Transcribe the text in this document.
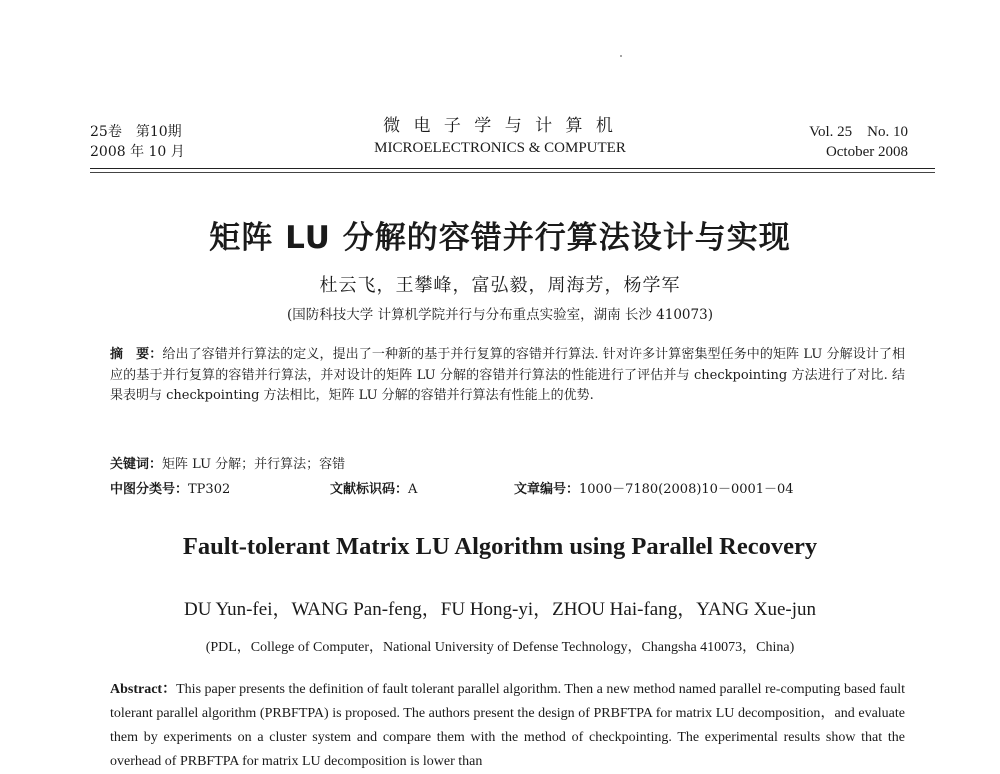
25卷　第10期
2008 年 10 月
微 电 子 学 与 计 算 机
MICROELECTRONICS & COMPUTER
Vol. 25　No. 10
October 2008
矩阵 LU 分解的容错并行算法设计与实现
杜云飞，王攀峰，富弘毅，周海芳，杨学军
(国防科技大学 计算机学院并行与分布重点实验室，湖南 长沙 410073)
摘　要：给出了容错并行算法的定义，提出了一种新的基于并行复算的容错并行算法. 针对许多计算密集型任务中的矩阵 LU 分解设计了相应的基于并行复算的容错并行算法，并对设计的矩阵 LU 分解的容错并行算法的性能进行了评估并与 checkpointing 方法进行了对比. 结果表明与 checkpointing 方法相比，矩阵 LU 分解的容错并行算法有性能上的优势.
关键词：矩阵 LU 分解；并行算法；容错
中图分类号：TP302	文献标识码：A	文章编号：1000－7180(2008)10－0001－04
Fault-tolerant Matrix LU Algorithm using Parallel Recovery
DU Yun-fei，WANG Pan-feng，FU Hong-yi，ZHOU Hai-fang，YANG Xue-jun
(PDL，College of Computer，National University of Defense Technology，Changsha 410073，China)
Abstract：This paper presents the definition of fault tolerant parallel algorithm. Then a new method named parallel re-computing based fault tolerant parallel algorithm (PRBFTPA) is proposed. The authors present the design of PRBFTPA for matrix LU decomposition，and evaluate them by experiments on a cluster system and compare them with the method of checkpointing. The experimental results show that the overhead of PRBFTPA for matrix LU decomposition is lower than
